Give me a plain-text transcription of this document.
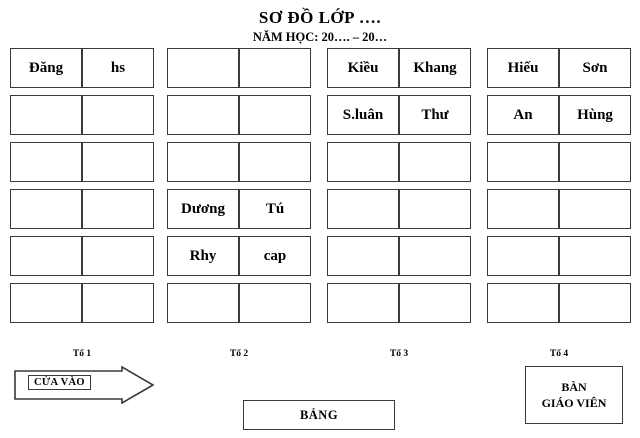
SƠ ĐỒ LỚP ….
NĂM HỌC: 20…. – 20…
Đăng	hs
Dương	Tú
Rhy	cap
Kiều	Khang
S.luân	Thư
Hiếu	Sơn
An	Hùng
Tổ 1	Tổ 2	Tổ 3	Tổ 4
CỬA VÀO
BẢNG
BÀN
GIÁO VIÊN
